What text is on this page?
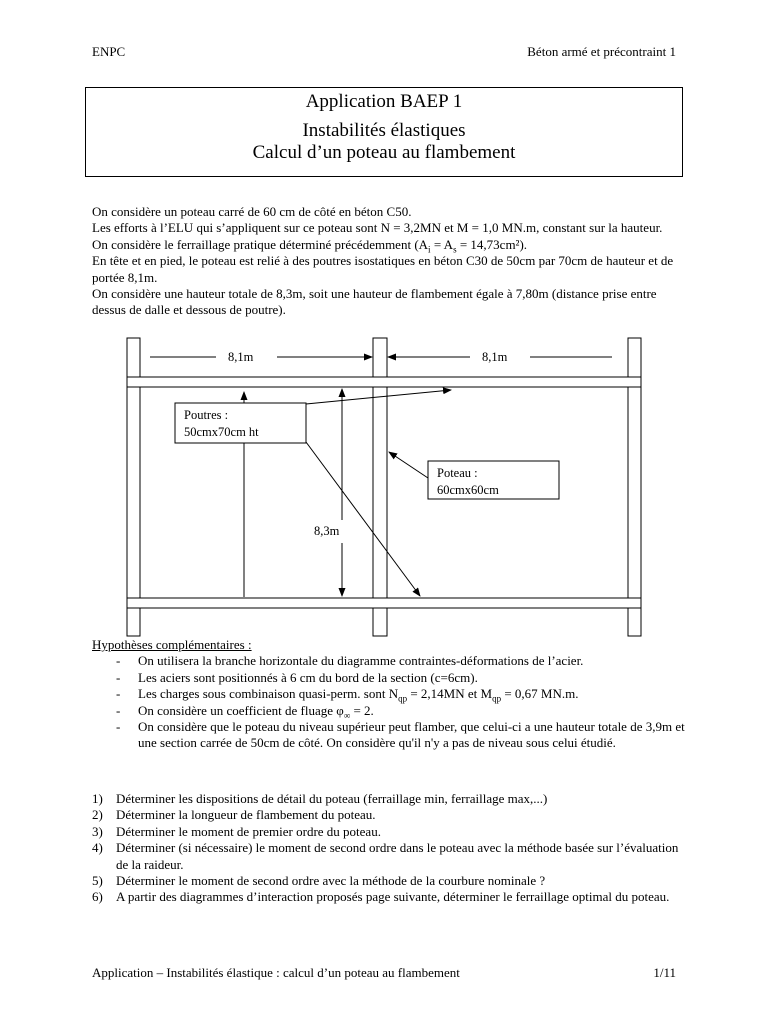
ENPC	Béton armé et précontraint 1
Application BAEP 1
Instabilités élastiques
Calcul d’un poteau au flambement

On considère un poteau carré de 60 cm de côté en béton C50.

Les efforts à l’ELU qui s’appliquent sur ce poteau sont N = 3,2MN et M = 1,0 MN.m, constant sur la hauteur.

On considère le ferraillage pratique déterminé précédemment $(A_i = A_s = 14,73cm^2)$.

En tête et en pied, le poteau est relié à des poutres isostatiques en béton C30 de 50cm par 70cm de hauteur et de portée 8,1m.

On considère une hauteur totale de 8,3m, soit une hauteur de flambement égale à 7,80m (distance prise entre dessus de dalle et dessous de poutre).

8,1m	8,1m
Poutres :
50cmx70cm ht
Poteau :
60cmx60cm
8,3m
Hypothèses complémentaires :
- On utilisera la branche horizontale du diagramme contraintes-déformations de l’acier.
- Les aciers sont positionnés à 6 cm du bord de la section (c=6cm).
- Les charges sous combinaison quasi-perm. sont $N_{qp} = 2,14MN$ et $M_{qp} = 0,67$ MN.m.
- On considère un coefficient de fluage $\varphi_\infty = 2$.
- On considère que le poteau du niveau supérieur peut flamber, que celui-ci a une hauteur totale de 3,9m et une section carrée de 50cm de côté. On considère qu'il n'y a pas de niveau sous celui étudié.
1) Déterminer les dispositions de détail du poteau (ferraillage min, ferraillage max,...)
2) Déterminer la longueur de flambement du poteau.
3) Déterminer le moment de premier ordre du poteau.
4) Déterminer (si nécessaire) le moment de second ordre dans le poteau avec la méthode basée sur l’évaluation de la raideur.
5) Déterminer le moment de second ordre avec la méthode de la courbure nominale ?
6) A partir des diagrammes d’interaction proposés page suivante, déterminer le ferraillage optimal du poteau.
Application – Instabilités élastique : calcul d’un poteau au flambement	1/11
